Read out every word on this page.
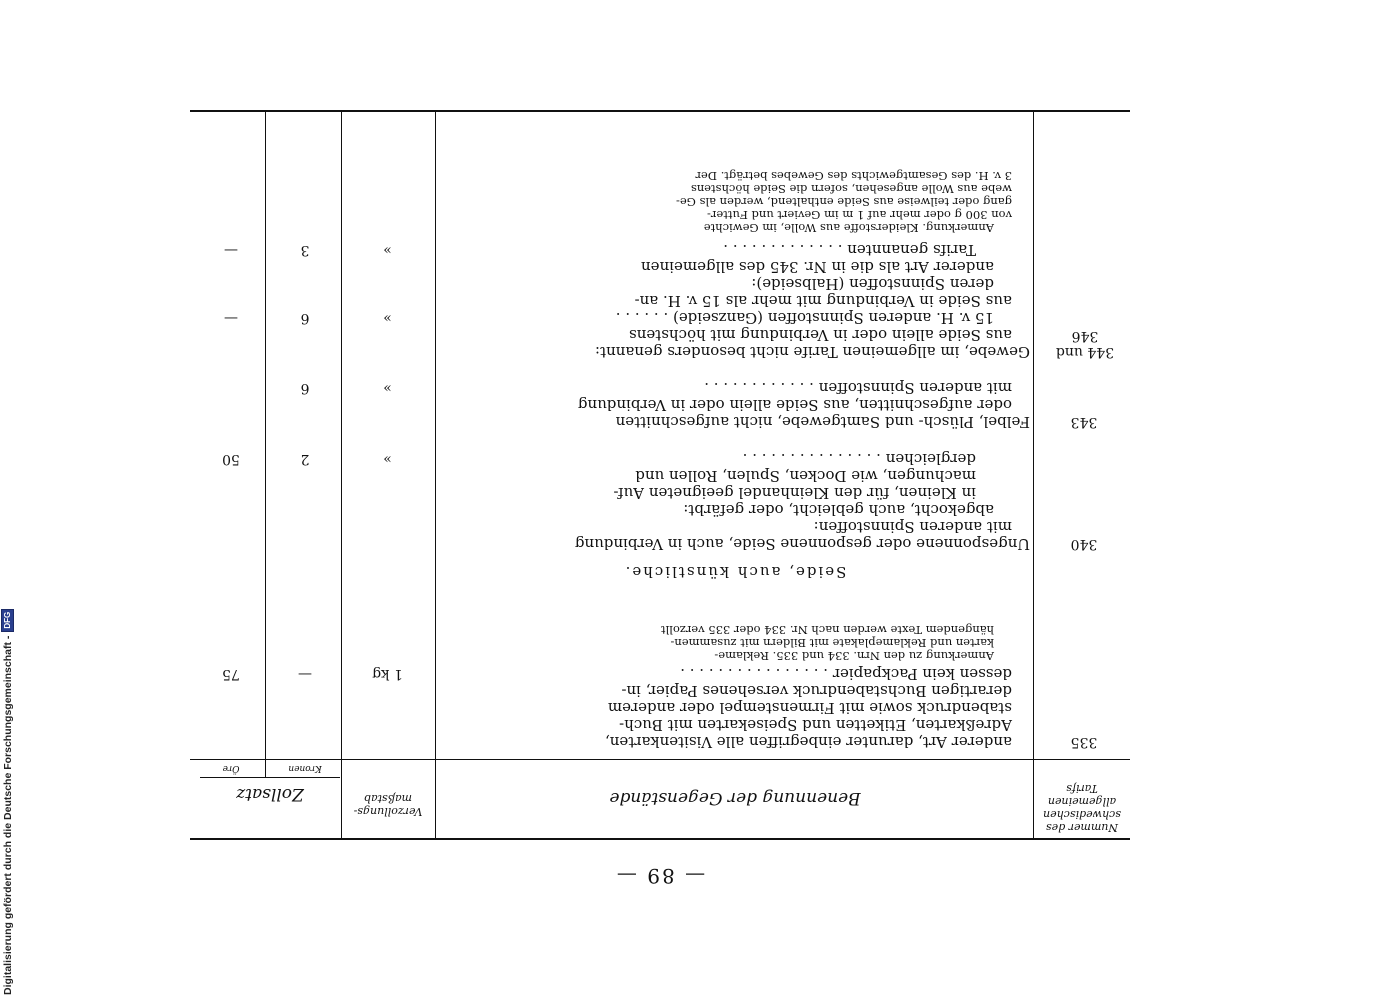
— 89 —
Nummer des schwedischen allgemeinen Tarifs
Benennung der Gegenstände
Verzollungs-maßstab
Zollsatz
Kronen
Öre
335
anderer Art, darunter einbegriffen alle Visitenkarten,
Adreßkarten, Etiketten und Speisekarten mit Buch-
stabendruck sowie mit Firmenstempel oder anderem
derartigen Buchstabendruck versehenes Papier, in-
dessen kein Packpapier . . . . . . . . . . . . . . . .
Anmerkung zu den Nrn. 334 und 335. Reklame-
karten und Reklameplakate mit Bildern mit zusammen-
hängendem Texte werden nach Nr. 334 oder 335 verzollt
1 kg
—
75
Seide, auch künstliche.
340
Ungesponnene oder gesponnene Seide, auch in Verbindung
mit anderen Spinnstoffen:
abgekocht, auch gebleicht, oder gefärbt:
in Kleinen, für den Kleinhandel geeigneten Auf-
machungen, wie Docken, Spulen, Rollen und
dergleichen . . . . . . . . . . . . . . .
»
2
50
343
Felbel, Plüsch- und Samtgewebe, nicht aufgeschnitten
oder aufgeschnitten, aus Seide allein oder in Verbindung
mit anderen Spinnstoffen . . . . . . . . . . . .
»
6
344 und 346
Gewebe, im allgemeinen Tarife nicht besonders genannt:
aus Seide allein oder in Verbindung mit höchstens
15 v. H. anderen Spinnstoffen (Ganzseide) . . . . . .
aus Seide in Verbindung mit mehr als 15 v. H. an-
deren Spinnstoffen (Halbseide):
anderer Art als die in Nr. 345 des allgemeinen
Tarifs genannten . . . . . . . . . . . . .
»
6
—
»
3
—
Anmerkung. Kleiderstoffe aus Wolle, im Gewichte
von 300 g oder mehr auf 1 m im Geviert und Futter-
gang oder teilweise aus Seide enthaltend, werden als Ge-
webe aus Wolle angesehen, sofern die Seide höchstens
3 v. H. des Gesamtgewichts des Gewebes beträgt. Der
Digitalisierung gefördert durch die Deutsche Forschungsgemeinschaft -
DFG
